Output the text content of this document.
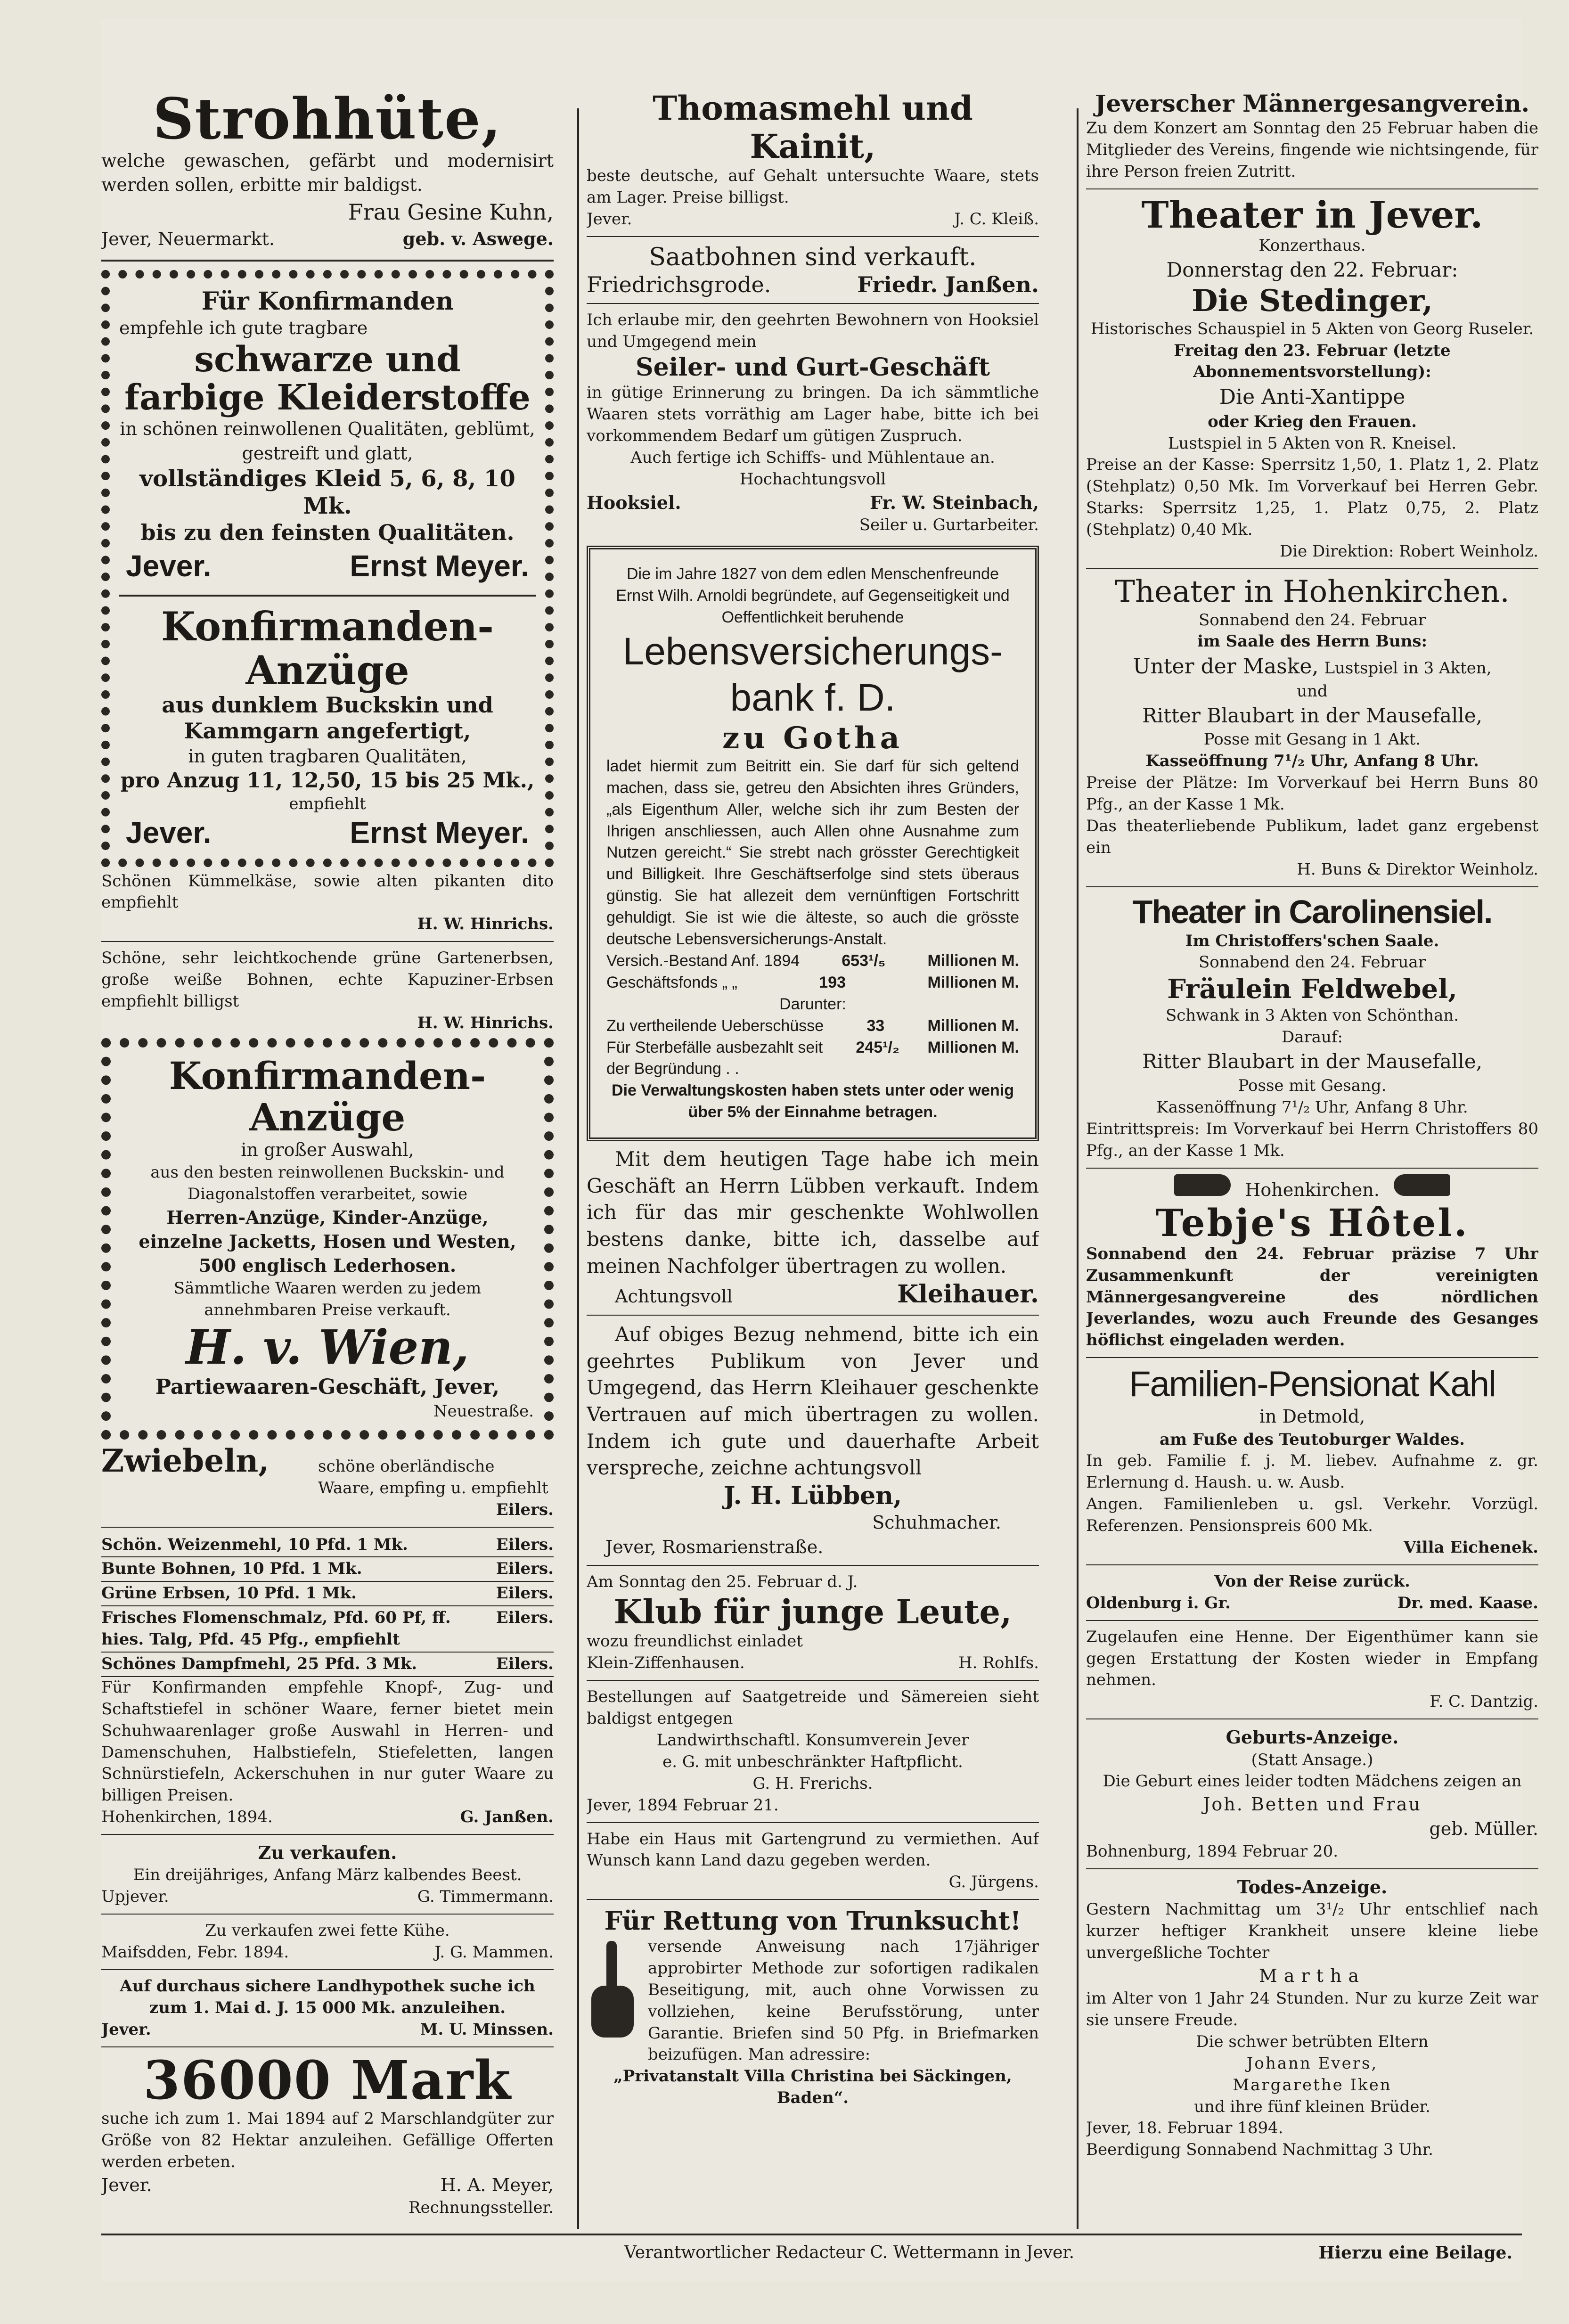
Strohhüte,
welche gewaschen, gefärbt und modernisirt werden sollen, erbitte mir baldigst.
Frau Gesine Kuhn,
Jever, Neuermarkt.	geb. v. Aswege.
Für Konfirmanden
empfehle ich gute tragbare
schwarze und farbige Kleiderstoffe
in schönen reinwollenen Qualitäten, geblümt, gestreift und glatt,
vollständiges Kleid 5, 6, 8, 10 Mk.
bis zu den feinsten Qualitäten.
Jever.	Ernst Meyer.
Konfirmanden-Anzüge
aus dunklem Buckskin und Kammgarn angefertigt,
in guten tragbaren Qualitäten,
pro Anzug 11, 12,50, 15 bis 25 Mk.,
empfiehlt
Jever.	Ernst Meyer.
Schönen Kümmelkäse, sowie alten pikanten dito empfiehlt
H. W. Hinrichs.
Schöne, sehr leichtkochende grüne Gartenerbsen, große weiße Bohnen, echte Kapuziner-Erbsen empfiehlt billigst
H. W. Hinrichs.
Konfirmanden-Anzüge
in großer Auswahl,
aus den besten reinwollenen Buckskin- und Diagonalstoffen verarbeitet, sowie
Herren-Anzüge, Kinder-Anzüge,
einzelne Jacketts, Hosen und Westen,
500 englisch Lederhosen.
Sämmtliche Waaren werden zu jedem annehmbaren Preise verkauft.
H. v. Wien,
Partiewaaren-Geschäft, Jever,
Neuestraße.
Zwiebeln,	schöne oberländische Waare, empfing u. empfiehlt
Eilers.
Schön. Weizenmehl, 10 Pfd. 1 Mk.	Eilers.
Bunte Bohnen, 10 Pfd. 1 Mk.	Eilers.
Grüne Erbsen, 10 Pfd. 1 Mk.	Eilers.
Frisches Flomenschmalz, Pfd. 60 Pf, ff. hies. Talg, Pfd. 45 Pfg., empfiehlt
Eilers.
Schönes Dampfmehl, 25 Pfd. 3 Mk.	Eilers.
Für Konfirmanden empfehle Knopf-, Zug- und Schaftstiefel in schöner Waare, ferner bietet mein Schuhwaarenlager große Auswahl in Herren- und Damenschuhen, Halbstiefeln, Stiefeletten, langen Schnürstiefeln, Ackerschuhen in nur guter Waare zu billigen Preisen.
Hohenkirchen, 1894.	G. Janßen.
Zu verkaufen.
Ein dreijähriges, Anfang März kalbendes Beest.
Upjever.	G. Timmermann.
Zu verkaufen zwei fette Kühe.
Maifsdden, Febr. 1894.	J. G. Mammen.
Auf durchaus sichere Landhypothek suche ich zum 1. Mai d. J. 15 000 Mk. anzuleihen.
Jever.	M. U. Minssen.
36000 Mark
suche ich zum 1. Mai 1894 auf 2 Marschlandgüter zur Größe von 82 Hektar anzuleihen. Gefällige Offerten werden erbeten.
Jever.	H. A. Meyer,
Rechnungssteller.
Thomasmehl und Kainit,
beste deutsche, auf Gehalt untersuchte Waare, stets am Lager. Preise billigst.
Jever.	J. C. Kleiß.
Saatbohnen sind verkauft.
Friedrichsgrode.	Friedr. Janßen.
Ich erlaube mir, den geehrten Bewohnern von Hooksiel und Umgegend mein
Seiler- und Gurt-Geschäft
in gütige Erinnerung zu bringen. Da ich sämmtliche Waaren stets vorräthig am Lager habe, bitte ich bei vorkommendem Bedarf um gütigen Zuspruch.
Auch fertige ich Schiffs- und Mühlentaue an.
Hochachtungsvoll
Hooksiel.	Fr. W. Steinbach,
Seiler u. Gurtarbeiter.
Die im Jahre 1827 von dem edlen Menschenfreunde Ernst Wilh. Arnoldi begründete, auf Gegenseitigkeit und Oeffentlichkeit beruhende
Lebensversicherungs-
bank f. D.
zu Gotha
ladet hiermit zum Beitritt ein. Sie darf für sich geltend machen, dass sie, getreu den Absichten ihres Gründers, „als Eigenthum Aller, welche sich ihr zum Besten der Ihrigen anschliessen, auch Allen ohne Ausnahme zum Nutzen gereicht.“ Sie strebt nach grösster Gerechtigkeit und Billigkeit. Ihre Geschäftserfolge sind stets überaus günstig. Sie hat allezeit dem vernünftigen Fortschritt gehuldigt. Sie ist wie die älteste, so auch die grösste deutsche Lebensversicherungs-Anstalt.
Versich.-Bestand Anf. 1894	653¹/₅	Millionen M.
Geschäftsfonds „ „	193	Millionen M.
Darunter:
Zu vertheilende Ueberschüsse	33	Millionen M.
Für Sterbefälle ausbezahlt seit der Begründung . .
245¹/₂ Millionen M.
Die Verwaltungskosten haben stets unter oder wenig über 5% der Einnahme betragen.
Mit dem heutigen Tage habe ich mein Geschäft an Herrn Lübben verkauft. Indem ich für das mir geschenkte Wohlwollen bestens danke, bitte ich, dasselbe auf meinen Nachfolger übertragen zu wollen.
Achtungsvoll	Kleihauer.
Auf obiges Bezug nehmend, bitte ich ein geehrtes Publikum von Jever und Umgegend, das Herrn Kleihauer geschenkte Vertrauen auf mich übertragen zu wollen. Indem ich gute und dauerhafte Arbeit verspreche, zeichne achtungsvoll
J. H. Lübben,
Schuhmacher.
Jever, Rosmarienstraße.
Am Sonntag den 25. Februar d. J.
Klub für junge Leute,
wozu freundlichst einladet
Klein-Ziffenhausen.	H. Rohlfs.
Bestellungen auf Saatgetreide und Sämereien sieht baldigst entgegen
Landwirthschaftl. Konsumverein Jever
e. G. mit unbeschränkter Haftpflicht.
G. H. Frerichs.
Jever, 1894 Februar 21.
Habe ein Haus mit Gartengrund zu vermiethen. Auf Wunsch kann Land dazu gegeben werden.
G. Jürgens.
Für Rettung von Trunksucht!
versende Anweisung nach 17jähriger approbirter Methode zur sofortigen radikalen Beseitigung, mit, auch ohne Vorwissen zu vollziehen, keine Berufsstörung, unter Garantie. Briefen sind 50 Pfg. in Briefmarken beizufügen. Man adressire:
„Privatanstalt Villa Christina bei Säckingen, Baden“.
Jeverscher Männergesangverein.
Zu dem Konzert am Sonntag den 25 Februar haben die Mitglieder des Vereins, fingende wie nichtsingende, für ihre Person freien Zutritt.
Theater in Jever.
Konzerthaus.
Donnerstag den 22. Februar:
Die Stedinger,
Historisches Schauspiel in 5 Akten von Georg Ruseler.
Freitag den 23. Februar (letzte Abonnementsvorstellung):
Die Anti-Xantippe
oder Krieg den Frauen.
Lustspiel in 5 Akten von R. Kneisel.
Preise an der Kasse: Sperrsitz 1,50, 1. Platz 1, 2. Platz (Stehplatz) 0,50 Mk. Im Vorverkauf bei Herren Gebr. Starks: Sperrsitz 1,25, 1. Platz 0,75, 2. Platz (Stehplatz) 0,40 Mk.
Die Direktion: Robert Weinholz.
Theater in Hohenkirchen.
Sonnabend den 24. Februar
im Saale des Herrn Buns:
Unter der Maske, Lustspiel in 3 Akten,
und
Ritter Blaubart in der Mausefalle,
Posse mit Gesang in 1 Akt.
Kasseöffnung 7¹/₂ Uhr, Anfang 8 Uhr.
Preise der Plätze: Im Vorverkauf bei Herrn Buns 80 Pfg., an der Kasse 1 Mk.
Das theaterliebende Publikum, ladet ganz ergebenst ein
H. Buns & Direktor Weinholz.
Theater in Carolinensiel.
Im Christoffers'schen Saale.
Sonnabend den 24. Februar
Fräulein Feldwebel,
Schwank in 3 Akten von Schönthan.
Darauf:
Ritter Blaubart in der Mausefalle,
Posse mit Gesang.
Kassenöffnung 7¹/₂ Uhr, Anfang 8 Uhr.
Eintrittspreis: Im Vorverkauf bei Herrn Christoffers 80 Pfg., an der Kasse 1 Mk.
Hohenkirchen.
Tebje's Hôtel.
Sonnabend den 24. Februar präzise 7 Uhr Zusammenkunft der vereinigten Männergesangvereine des nördlichen Jeverlandes, wozu auch Freunde des Gesanges höflichst eingeladen werden.
Familien-Pensionat Kahl
in Detmold,
am Fuße des Teutoburger Waldes.
In geb. Familie f. j. M. liebev. Aufnahme z. gr. Erlernung d. Haush. u. w. Ausb.
Angen. Familienleben u. gsl. Verkehr. Vorzügl. Referenzen. Pensionspreis 600 Mk.
Villa Eichenek.
Von der Reise zurück.
Oldenburg i. Gr.	Dr. med. Kaase.
Zugelaufen eine Henne. Der Eigenthümer kann sie gegen Erstattung der Kosten wieder in Empfang nehmen.
F. C. Dantzig.
Geburts-Anzeige.
(Statt Ansage.)
Die Geburt eines leider todten Mädchens zeigen an
Joh. Betten und Frau
geb. Müller.
Bohnenburg, 1894 Februar 20.
Todes-Anzeige.
Gestern Nachmittag um 3¹/₂ Uhr entschlief nach kurzer heftiger Krankheit unsere kleine liebe unvergeßliche Tochter
Martha
im Alter von 1 Jahr 24 Stunden. Nur zu kurze Zeit war sie unsere Freude.
Die schwer betrübten Eltern
Johann Evers,
Margarethe Iken
und ihre fünf kleinen Brüder.
Jever, 18. Februar 1894.
Beerdigung Sonnabend Nachmittag 3 Uhr.
Verantwortlicher Redacteur C. Wettermann in Jever.	Hierzu eine Beilage.
